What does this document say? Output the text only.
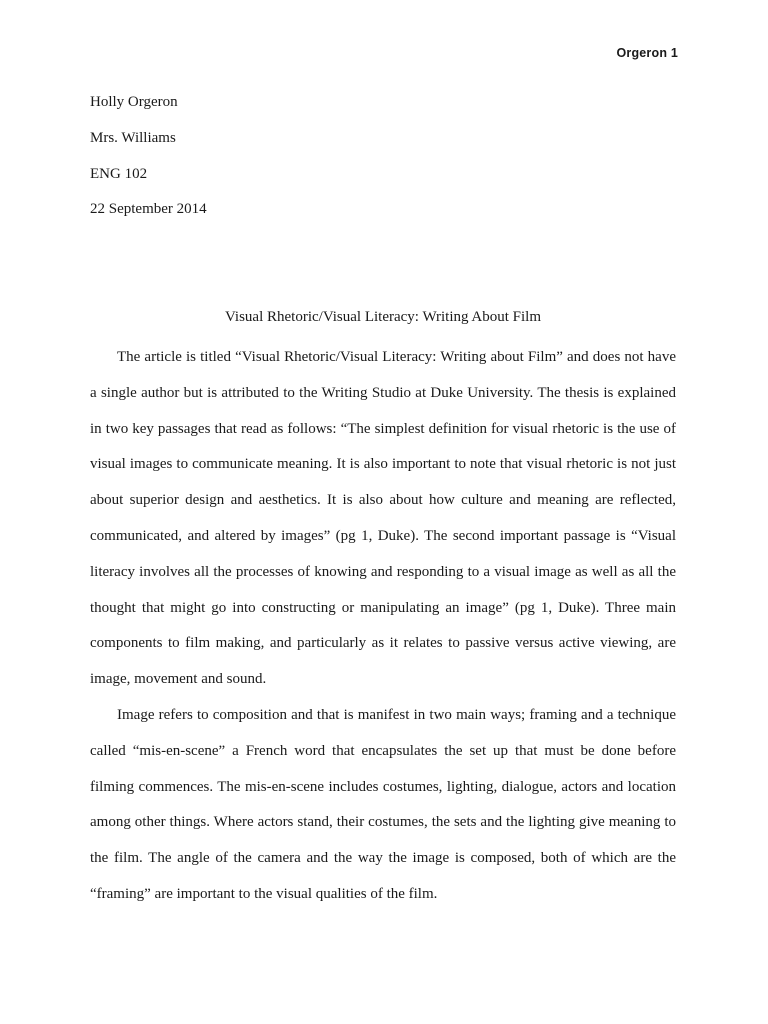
Orgeron 1
Holly Orgeron
Mrs. Williams
ENG 102
22 September 2014
Visual Rhetoric/Visual Literacy: Writing About Film

The article is titled “Visual Rhetoric/Visual Literacy: Writing about Film” and does not have a single author but is attributed to the Writing Studio at Duke University. The thesis is explained in two key passages that read as follows: “The simplest definition for visual rhetoric is the use of visual images to communicate meaning. It is also important to note that visual rhetoric is not just about superior design and aesthetics. It is also about how culture and meaning are reflected, communicated, and altered by images” (pg 1, Duke). The second important passage is “Visual literacy involves all the processes of knowing and responding to a visual image as well as all the thought that might go into constructing or manipulating an image” (pg 1, Duke). Three main components to film making, and particularly as it relates to passive versus active viewing, are image, movement and sound.

Image refers to composition and that is manifest in two main ways; framing and a technique called “mis-en-scene” a French word that encapsulates the set up that must be done before filming commences. The mis-en-scene includes costumes, lighting, dialogue, actors and location among other things. Where actors stand, their costumes, the sets and the lighting give meaning to the film. The angle of the camera and the way the image is composed, both of which are the “framing” are important to the visual qualities of the film.
